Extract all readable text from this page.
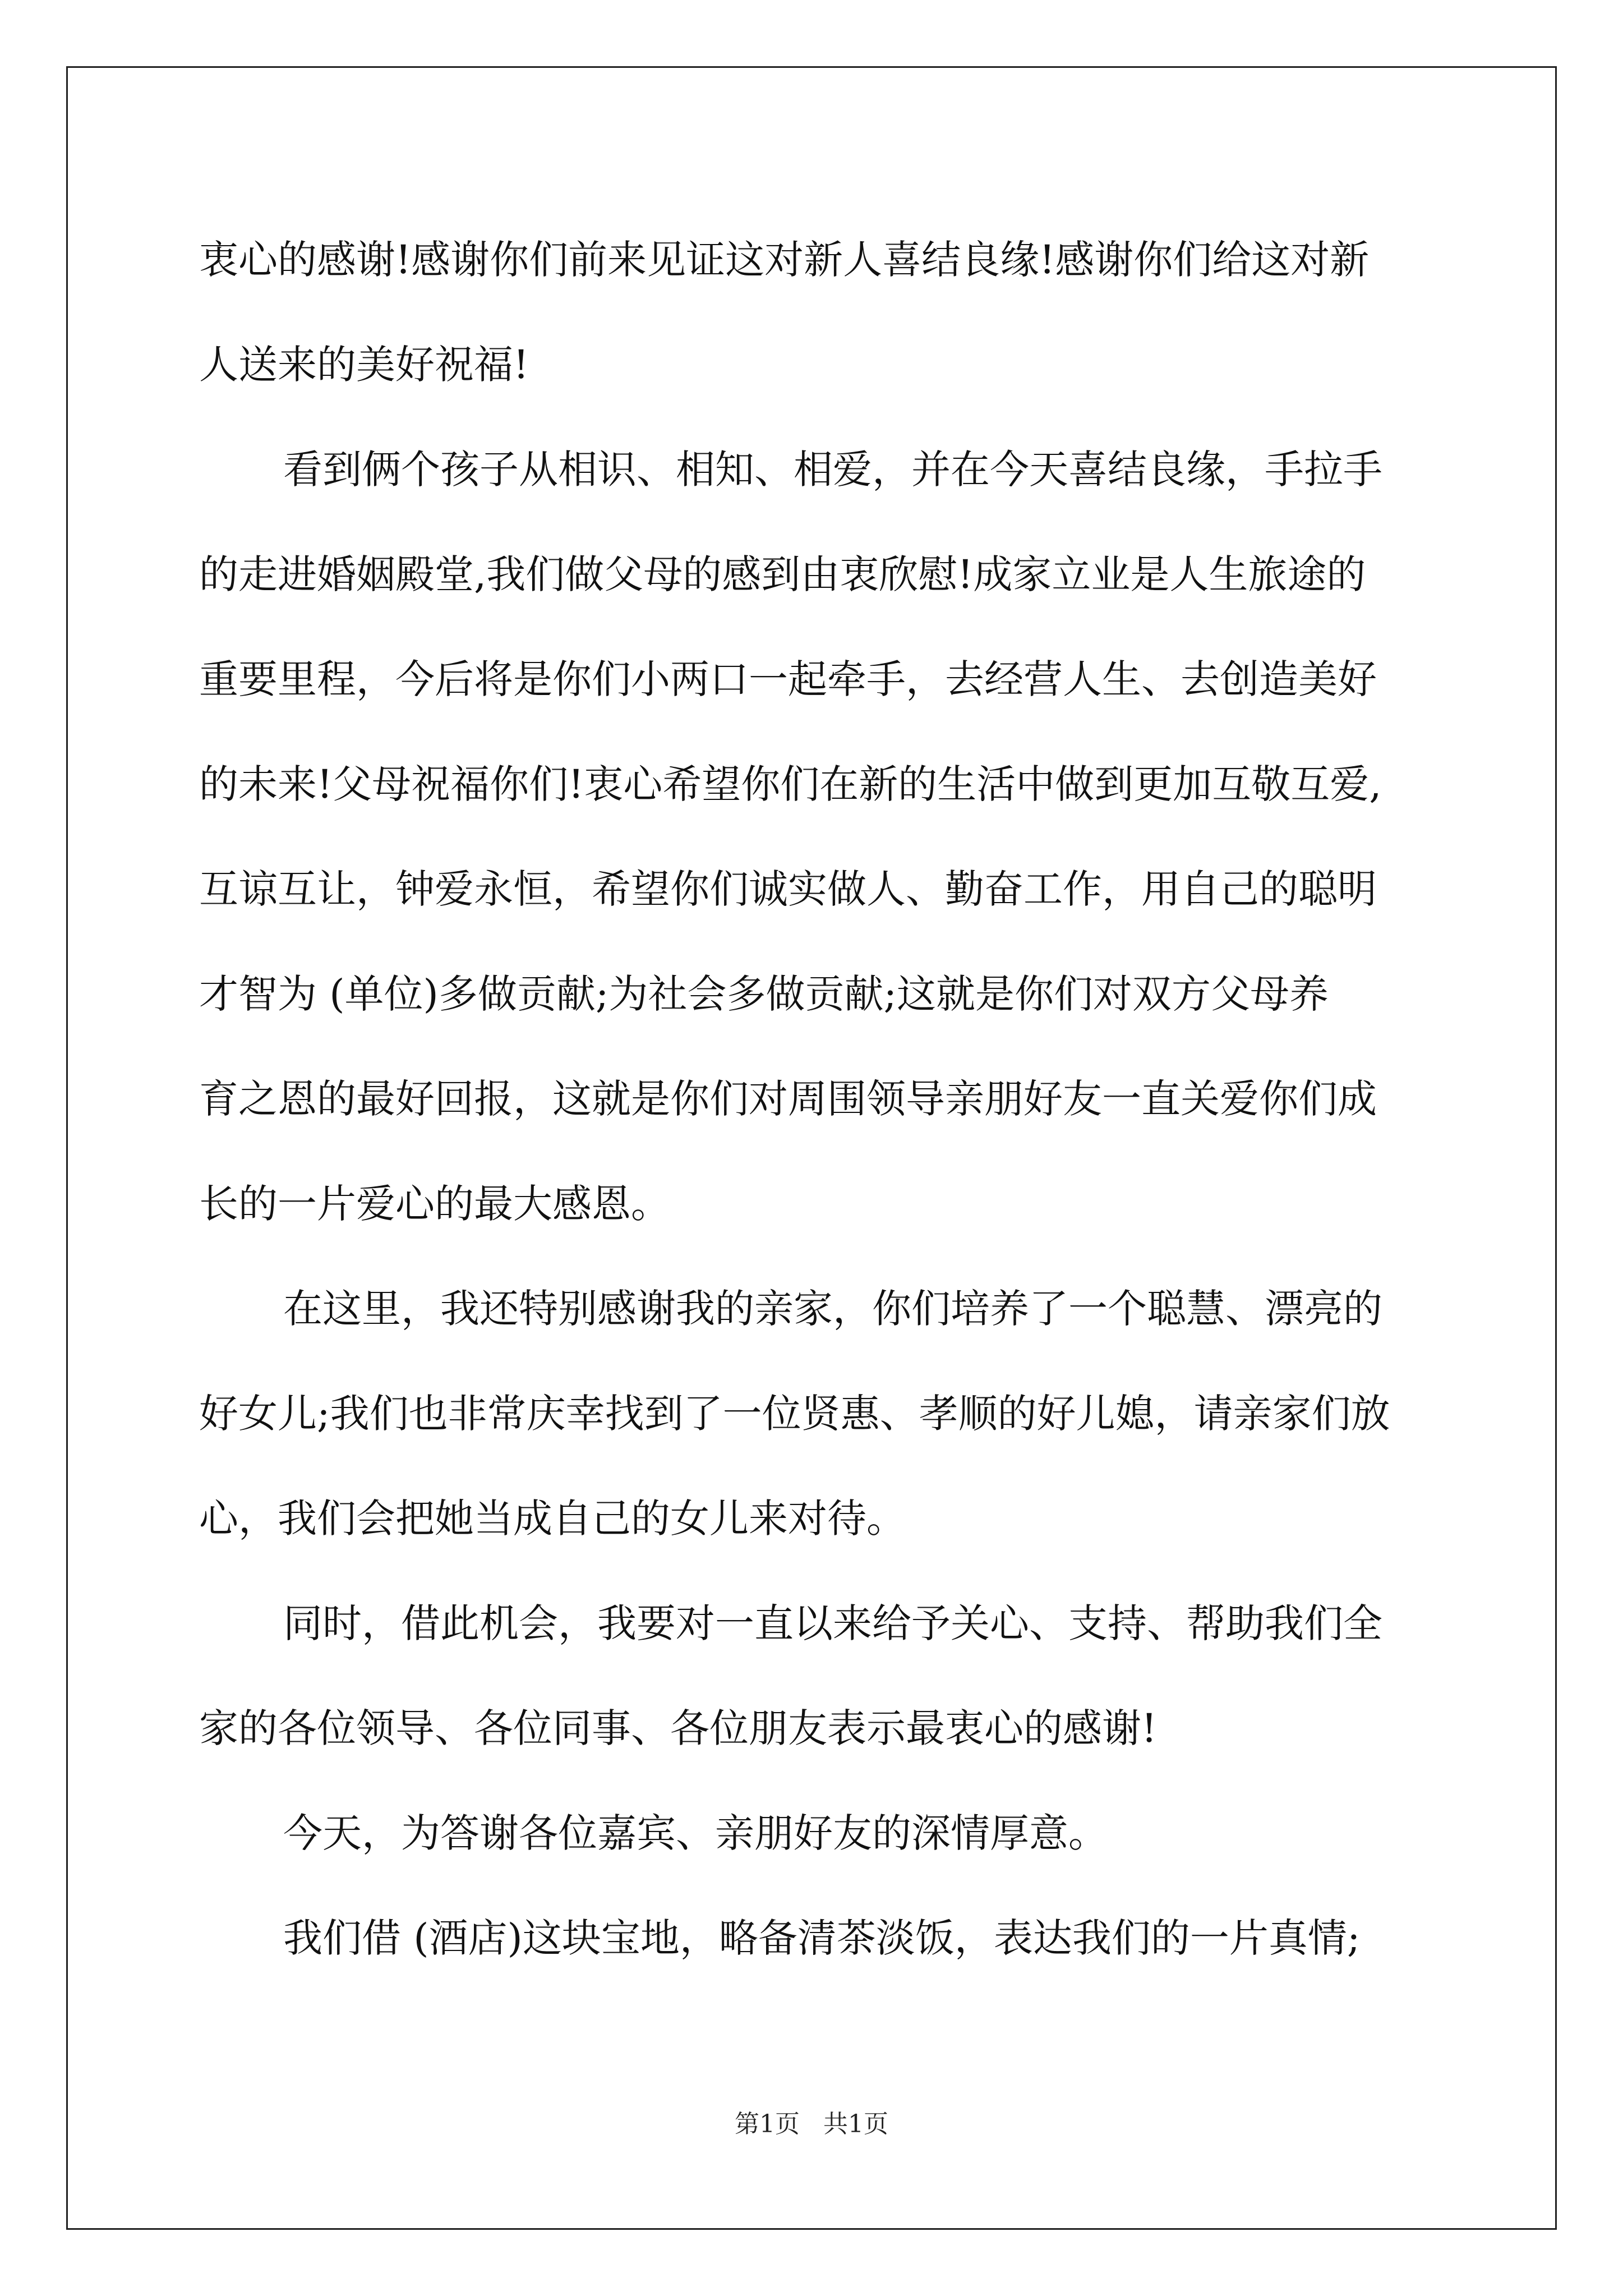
衷心的感谢!感谢你们前来见证这对新人喜结良缘!感谢你们给这对新
人送来的美好祝福!
看到俩个孩子从相识、相知、相爱，并在今天喜结良缘，手拉手
的走进婚姻殿堂,我们做父母的感到由衷欣慰!成家立业是人生旅途的
重要里程，今后将是你们小两口一起牵手，去经营人生、去创造美好
的未来!父母祝福你们!衷心希望你们在新的生活中做到更加互敬互爱,
互谅互让，钟爱永恒，希望你们诚实做人、勤奋工作，用自己的聪明
才智为 (单位)多做贡献;为社会多做贡献;这就是你们对双方父母养
育之恩的最好回报，这就是你们对周围领导亲朋好友一直关爱你们成
长的一片爱心的最大感恩。
在这里，我还特别感谢我的亲家，你们培养了一个聪慧、漂亮的
好女儿;我们也非常庆幸找到了一位贤惠、孝顺的好儿媳，请亲家们放
心，我们会把她当成自己的女儿来对待。
同时，借此机会，我要对一直以来给予关心、支持、帮助我们全
家的各位领导、各位同事、各位朋友表示最衷心的感谢!
今天，为答谢各位嘉宾、亲朋好友的深情厚意。
我们借 (酒店)这块宝地，略备清茶淡饭，表达我们的一片真情;
第1页   共1页
